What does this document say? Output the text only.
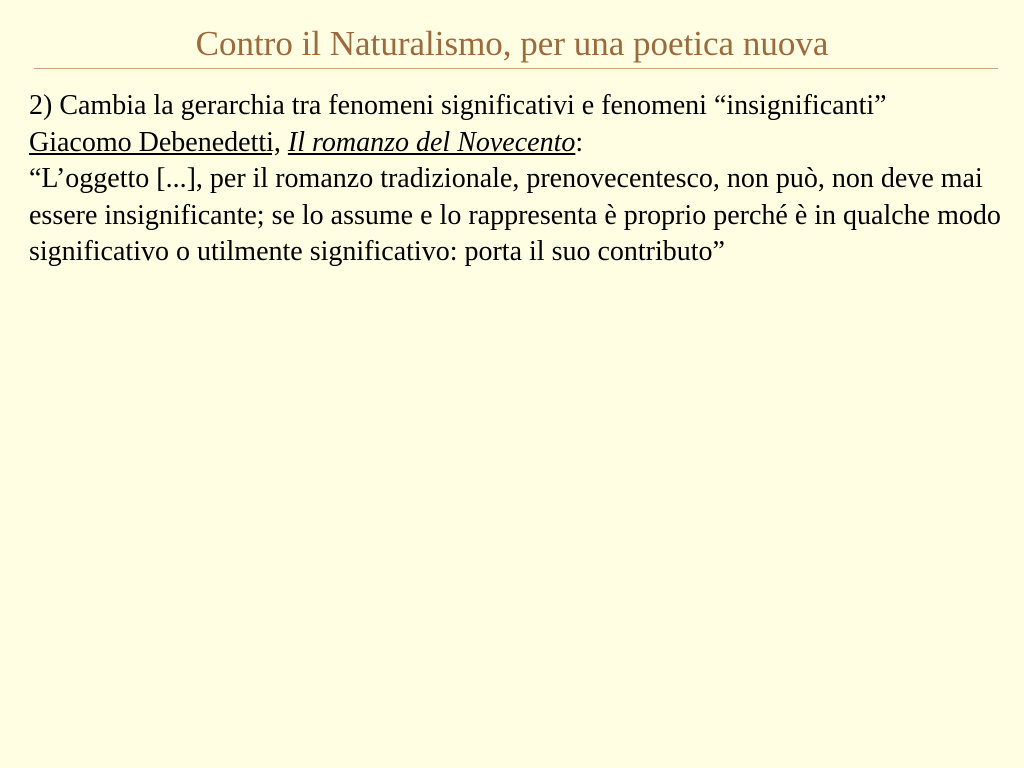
Contro il Naturalismo, per una poetica nuova

2) Cambia la gerarchia tra fenomeni significativi e fenomeni “insignificanti”

Giacomo Debenedetti, Il romanzo del Novecento:

“L’oggetto [...], per il romanzo tradizionale, prenovecentesco, non può, non deve mai essere insignificante; se lo assume e lo rappresenta è proprio perché è in qualche modo significativo o utilmente significativo: porta il suo contributo”
